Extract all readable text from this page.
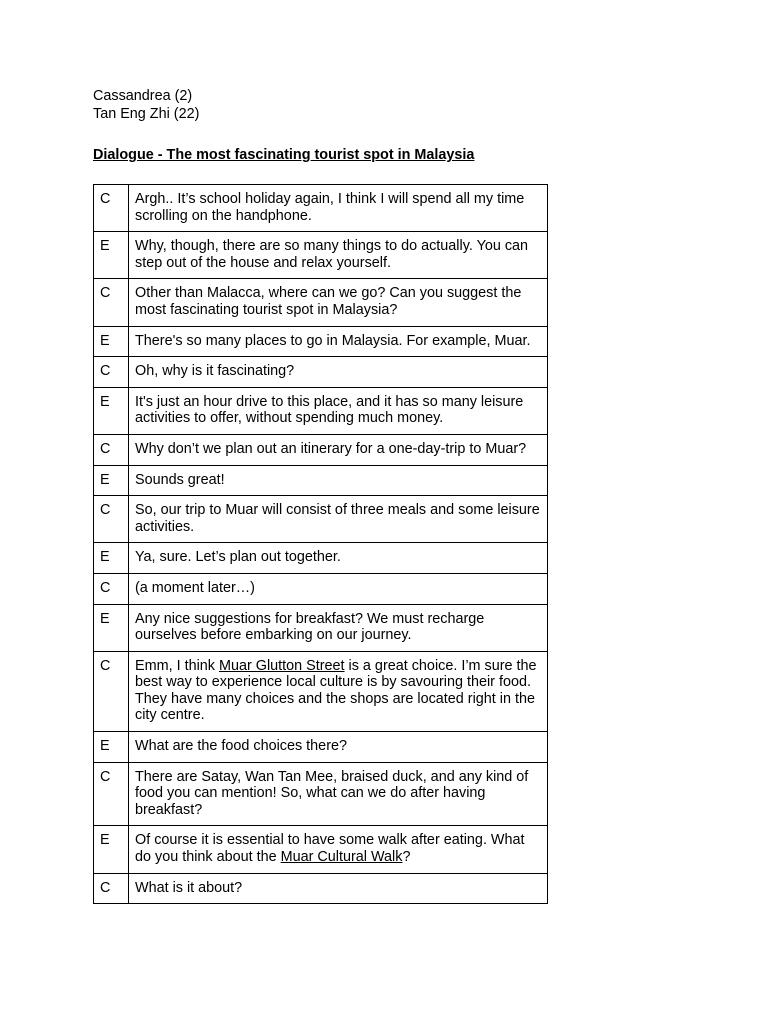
Cassandrea (2)
Tan Eng Zhi (22)
Dialogue - The most fascinating tourist spot in Malaysia
C	Argh.. It’s school holiday again, I think I will spend all my time scrolling on the handphone.
E	Why, though, there are so many things to do actually. You can step out of the house and relax yourself.
C	Other than Malacca, where can we go? Can you suggest the most fascinating tourist spot in Malaysia?
E	There's so many places to go in Malaysia. For example, Muar.
C	Oh, why is it fascinating?
E	It's just an hour drive to this place, and it has so many leisure activities to offer, without spending much money.
C	Why don’t we plan out an itinerary for a one-day-trip to Muar?
E	Sounds great!
C	So, our trip to Muar will consist of three meals and some leisure activities.
E	Ya, sure. Let’s plan out together.
C	(a moment later…)
E	Any nice suggestions for breakfast? We must recharge ourselves before embarking on our journey.
C	Emm, I think Muar Glutton Street is a great choice. I’m sure the best way to experience local culture is by savouring their food. They have many choices and the shops are located right in the city centre.
E	What are the food choices there?
C	There are Satay, Wan Tan Mee, braised duck, and any kind of food you can mention! So, what can we do after having breakfast?
E	Of course it is essential to have some walk after eating. What do you think about the Muar Cultural Walk?
C	What is it about?
